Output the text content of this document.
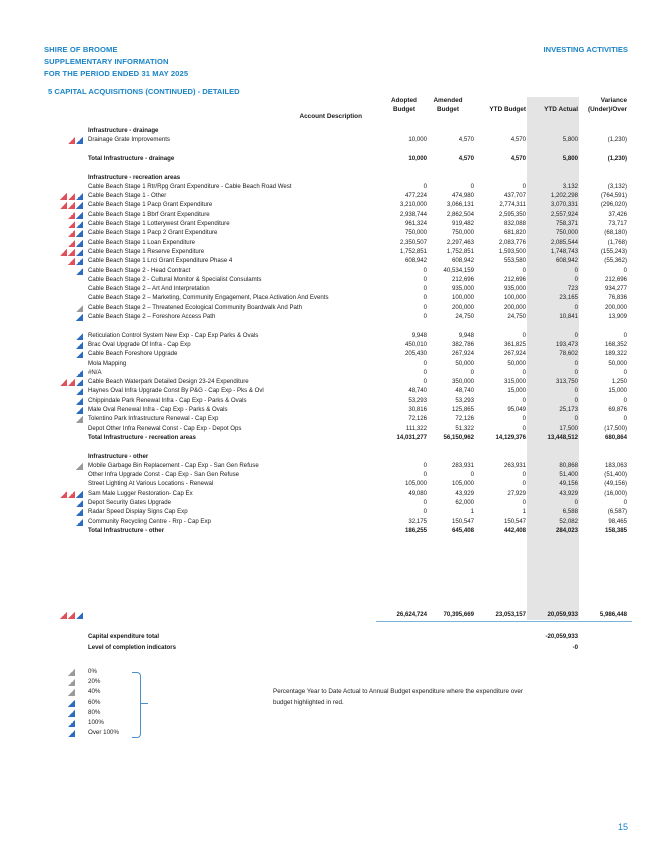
SHIRE OF BROOME
SUPPLEMENTARY INFORMATION
FOR THE PERIOD ENDED 31 MAY 2025
INVESTING ACTIVITIES
5 CAPITAL ACQUISITIONS (CONTINUED) - DETAILED

Account Description
Adopted
Budget
Amended
Budget
	YTD Budget
	YTD Actual
Variance
(Under)/Over
Infrastructure - drainage
Drainage Grate Improvements	10,000	4,570	4,570	5,800	(1,230)
Total Infrastructure - drainage	10,000	4,570	4,570	5,800	(1,230)
Infrastructure - recreation areas
Cable Beach Stage 1 Rtr/Rpg Grant Expenditure - Cable Beach Road West	0	0	0	3,132	(3,132)
Cable Beach Stage 1 - Other	477,224	474,980	437,707	1,202,298	(764,591)
Cable Beach Stage 1 Pacp Grant Expenditure	3,210,000	3,066,131	2,774,311	3,070,331	(296,020)
Cable Beach Stage 1 Bbrf Grant Expenditure	2,938,744	2,862,504	2,595,350	2,557,924	37,426
Cable Beach Stage 1 Lotterywest Grant Expenditure	961,324	919,482	832,088	758,371	73,717
Cable Beach Stage 1 Pacp 2 Grant Expenditure	750,000	750,000	681,820	750,000	(68,180)
Cable Beach Stage 1 Loan Expenditure	2,350,507	2,297,463	2,083,776	2,085,544	(1,768)
Cable Beach Stage 1 Reserve Expenditure	1,752,851	1,752,851	1,593,500	1,748,743	(155,243)
Cable Beach Stage 1 Lrci Grant Expenditure Phase 4	608,942	608,942	553,580	608,942	(55,362)
Cable Beach Stage 2 - Head Contract	0	40,534,159	0	0	0
Cable Beach Stage 2 - Cultural Monitor & Specialist Consulamts	0	212,696	212,696	0	212,696
Cable Beach Stage 2 – Art And Interpretation	0	935,000	935,000	723	934,277
Cable Beach Stage 2 – Marketing, Community Engagement, Place Activation And Events	0	100,000	100,000	23,165	76,836
Cable Beach Stage 2 – Threatened Ecological Community Boardwalk And Path	0	200,000	200,000	0	200,000
Cable Beach Stage 2 – Foreshore Access Path	0	24,750	24,750	10,841	13,909
Reticulation Control System New Exp - Cap Exp Parks & Ovals	9,948	9,948	0	0	0
Brac Oval Upgrade Of Infra - Cap Exp	450,010	382,786	361,825	193,473	168,352
Cable Beach Foreshore Upgrade	205,430	267,924	267,924	78,602	189,322
Mola Mapping	0	50,000	50,000	0	50,000
#N/A	0	0	0	0	0
Cable Beach Waterpark Detailed Design 23-24 Expenditure	0	350,000	315,000	313,750	1,250
Haynes Oval Infra Upgrade Const By P&G - Cap Exp - Pks & Ovl	48,740	48,740	15,000	0	15,000
Chippindale Park Renewal Infra - Cap Exp - Parks & Ovals	53,293	53,293	0	0	0
Male Oval Renewal Infra - Cap Exp - Parks & Ovals	30,816	125,865	95,049	25,173	69,876
Tolentino Park Infrastructure Renewal - Cap Exp	72,126	72,126	0	0	0
Depot Other Infra Renewal Const - Cap Exp - Depot Ops	111,322	51,322	0	17,500	(17,500)
Total Infrastructure - recreation areas	14,031,277	56,150,962	14,129,376	13,448,512	680,864
Infrastructure - other
Mobile Garbage Bin Replacement - Cap Exp - San Gen Refuse	0	283,931	263,931	80,868	183,063
Other Infra Upgrade Const - Cap Exp - San Gen Refuse	0	0	0	51,400	(51,400)
Street Lighting At Various Locations - Renewal	105,000	105,000	0	49,156	(49,156)
Sam Male Lugger Restoration- Cap Ex	49,080	43,929	27,929	43,929	(16,000)
Depot Security Gates Upgrade	0	62,000	0	0	0
Radar Speed Display Signs Cap Exp	0	1	1	6,588	(6,587)
Community Recycling Centre - Rrp - Cap Exp	32,175	150,547	150,547	52,082	98,465
Total Infrastructure - other	186,255	645,408	442,408	284,023	158,385
26,624,724	70,395,669	23,053,157	20,059,933	5,986,448
Capital expenditure total	-20,059,933
Level of completion indicators	-0
0%
20%
40%
60%
80%
100%
Over 100%
Percentage Year to Date Actual to Annual Budget expenditure where the expenditure over budget highlighted in red.
15
